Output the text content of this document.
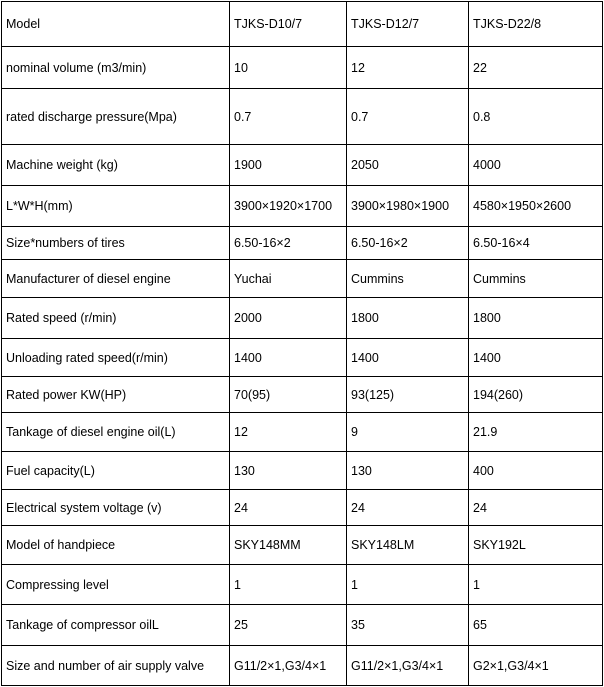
Model	TJKS-D10/7	TJKS-D12/7	TJKS-D22/8
nominal volume (m3/min)	10	12	22
rated discharge pressure(Mpa)	0.7	0.7	0.8
Machine weight (kg)	1900	2050	4000
L*W*H(mm)	3900×1920×1700	3900×1980×1900	4580×1950×2600
Size*numbers of tires	6.50-16×2	6.50-16×2	6.50-16×4
Manufacturer of diesel engine	Yuchai	Cummins	Cummins
Rated speed (r/min)	2000	1800	1800
Unloading rated speed(r/min)	1400	1400	1400
Rated power KW(HP)	70(95)	93(125)	194(260)
Tankage of diesel engine oil(L)	12	9	21.9
Fuel capacity(L)	130	130	400
Electrical system voltage (v)	24	24	24
Model of handpiece	SKY148MM	SKY148LM	SKY192L
Compressing level	1	1	1
Tankage of compressor oilL	25	35	65
Size and number of air supply valve	G11/2×1,G3/4×1	G11/2×1,G3/4×1	G2×1,G3/4×1
